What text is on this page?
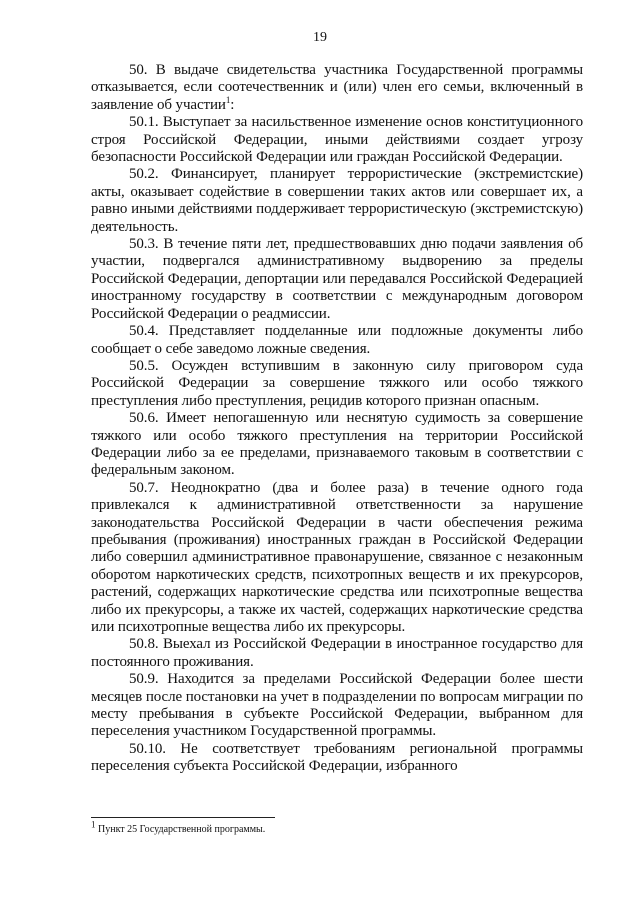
19

50. В выдаче свидетельства участника Государственной программы отказывается, если соотечественник и (или) член его семьи, включенный в заявление об участии$^1$:

50.1. Выступает за насильственное изменение основ конституционного строя Российской Федерации, иными действиями создает угрозу безопасности Российской Федерации или граждан Российской Федерации.

50.2. Финансирует, планирует террористические (экстремистские) акты, оказывает содействие в совершении таких актов или совершает их, а равно иными действиями поддерживает террористическую (экстремистскую) деятельность.

50.3. В течение пяти лет, предшествовавших дню подачи заявления об участии, подвергался административному выдворению за пределы Российской Федерации, депортации или передавался Российской Федерацией иностранному государству в соответствии с международным договором Российской Федерации о реадмиссии.

50.4. Представляет подделанные или подложные документы либо сообщает о себе заведомо ложные сведения.

50.5. Осужден вступившим в законную силу приговором суда Российской Федерации за совершение тяжкого или особо тяжкого преступления либо преступления, рецидив которого признан опасным.

50.6. Имеет непогашенную или неснятую судимость за совершение тяжкого или особо тяжкого преступления на территории Российской Федерации либо за ее пределами, признаваемого таковым в соответствии с федеральным законом.

50.7. Неоднократно (два и более раза) в течение одного года привлекался к административной ответственности за нарушение законодательства Российской Федерации в части обеспечения режима пребывания (проживания) иностранных граждан в Российской Федерации либо совершил административное правонарушение, связанное с незаконным оборотом наркотических средств, психотропных веществ и их прекурсоров, растений, содержащих наркотические средства или психотропные вещества либо их прекурсоры, а также их частей, содержащих наркотические средства или психотропные вещества либо их прекурсоры.

50.8. Выехал из Российской Федерации в иностранное государство для постоянного проживания.

50.9. Находится за пределами Российской Федерации более шести месяцев после постановки на учет в подразделении по вопросам миграции по месту пребывания в субъекте Российской Федерации, выбранном для переселения участником Государственной программы.

50.10. Не соответствует требованиям региональной программы переселения субъекта Российской Федерации, избранного

$^1$ Пункт 25 Государственной программы.
